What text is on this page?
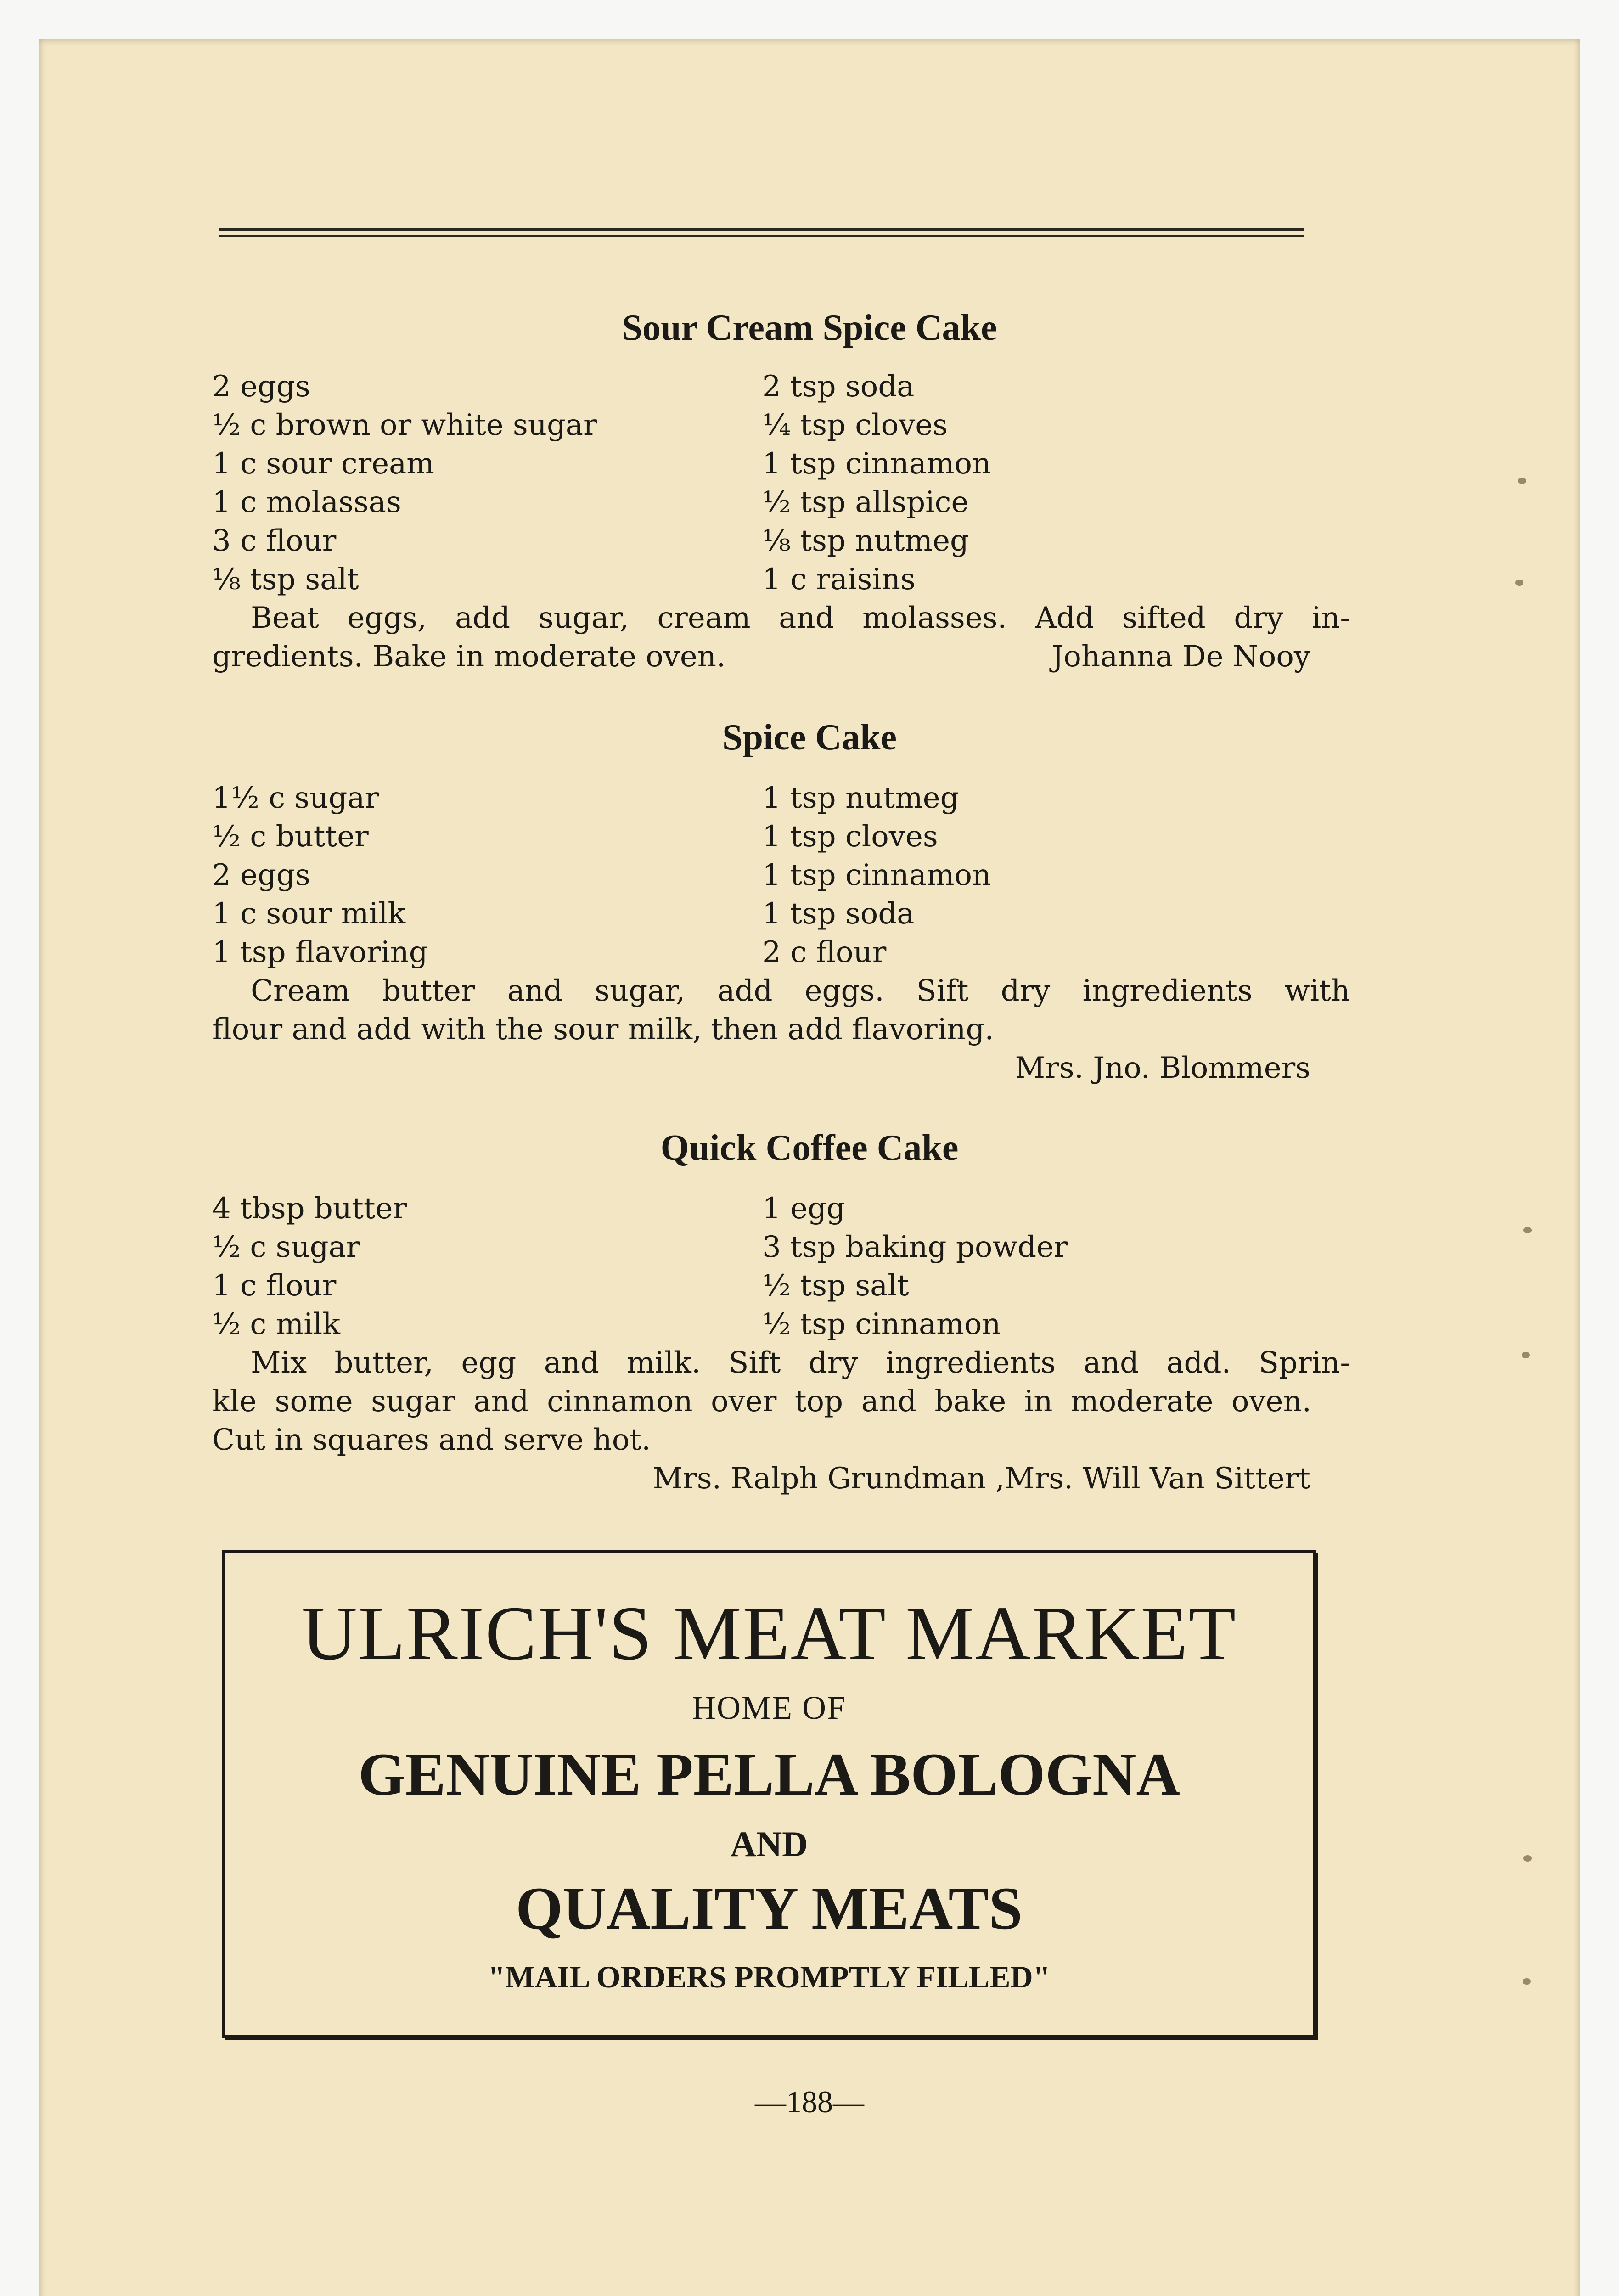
Sour Cream Spice Cake
2 eggs
½ c brown or white sugar
1 c sour cream
1 c molassas
3 c flour
⅛ tsp salt
2 tsp soda
¼ tsp cloves
1 tsp cinnamon
½ tsp allspice
⅛ tsp nutmeg
1 c raisins
Beat eggs, add sugar, cream and molasses. Add sifted dry in-
gredients. Bake in moderate oven.	Johanna De Nooy
Spice Cake
1½ c sugar
½ c butter
2 eggs
1 c sour milk
1 tsp flavoring
1 tsp nutmeg
1 tsp cloves
1 tsp cinnamon
1 tsp soda
2 c flour
Cream butter and sugar, add eggs. Sift dry ingredients with
flour and add with the sour milk, then add flavoring.
Mrs. Jno. Blommers
Quick Coffee Cake
4 tbsp butter
½ c sugar
1 c flour
½ c milk
1 egg
3 tsp baking powder
½ tsp salt
½ tsp cinnamon
Mix butter, egg and milk. Sift dry ingredients and add. Sprin-
kle some sugar and cinnamon over top and bake in moderate oven.
Cut in squares and serve hot.
Mrs. Ralph Grundman ,Mrs. Will Van Sittert
ULRICH'S MEAT MARKET
HOME OF
GENUINE PELLA BOLOGNA
AND
QUALITY MEATS
"MAIL ORDERS PROMPTLY FILLED"
—188—
